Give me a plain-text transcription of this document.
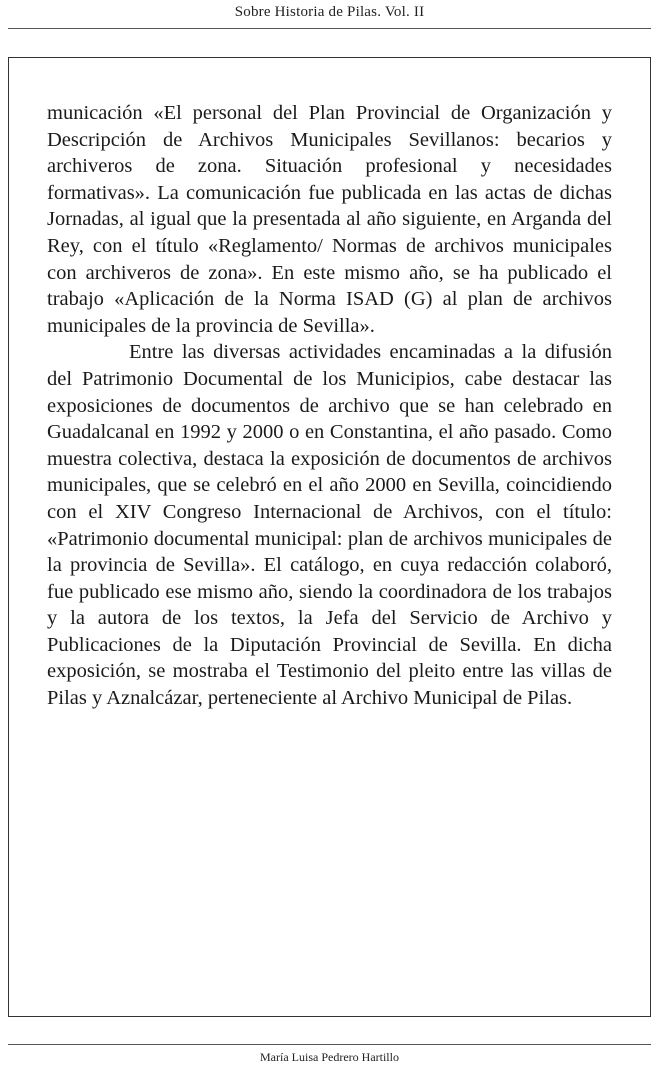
Sobre Historia de Pilas. Vol. II

municación «El personal del Plan Provincial de Organización y Descripción de Archivos Municipales Sevillanos: becarios y archiveros de zona. Situación profesional y necesidades formativas». La comunicación fue publicada en las actas de dichas Jornadas, al igual que la presentada al año siguiente, en Arganda del Rey, con el título «Reglamento/ Normas de archivos municipales con archiveros de zona». En este mismo año, se ha publicado el trabajo «Aplicación de la Norma ISAD (G) al plan de archivos municipales de la provincia de Sevilla».

Entre las diversas actividades encaminadas a la difusión del Patrimonio Documental de los Municipios, cabe destacar las exposiciones de documentos de archivo que se han celebrado en Guadalcanal en 1992 y 2000 o en Constantina, el año pasado. Como muestra colectiva, destaca la exposición de documentos de archivos municipales, que se celebró en el año 2000 en Sevilla, coincidiendo con el XIV Congreso Internacional de Archivos, con el título: «Patrimonio documental municipal: plan de archivos municipales de la provincia de Sevilla». El catálogo, en cuya redacción colaboró, fue publicado ese mismo año, siendo la coordinadora de los trabajos y la autora de los textos, la Jefa del Servicio de Archivo y Publicaciones de la Diputación Provincial de Sevilla. En dicha exposición, se mostraba el Testimonio del pleito entre las villas de Pilas y Aznalcázar, perteneciente al Archivo Municipal de Pilas.

María Luisa Pedrero Hartillo
